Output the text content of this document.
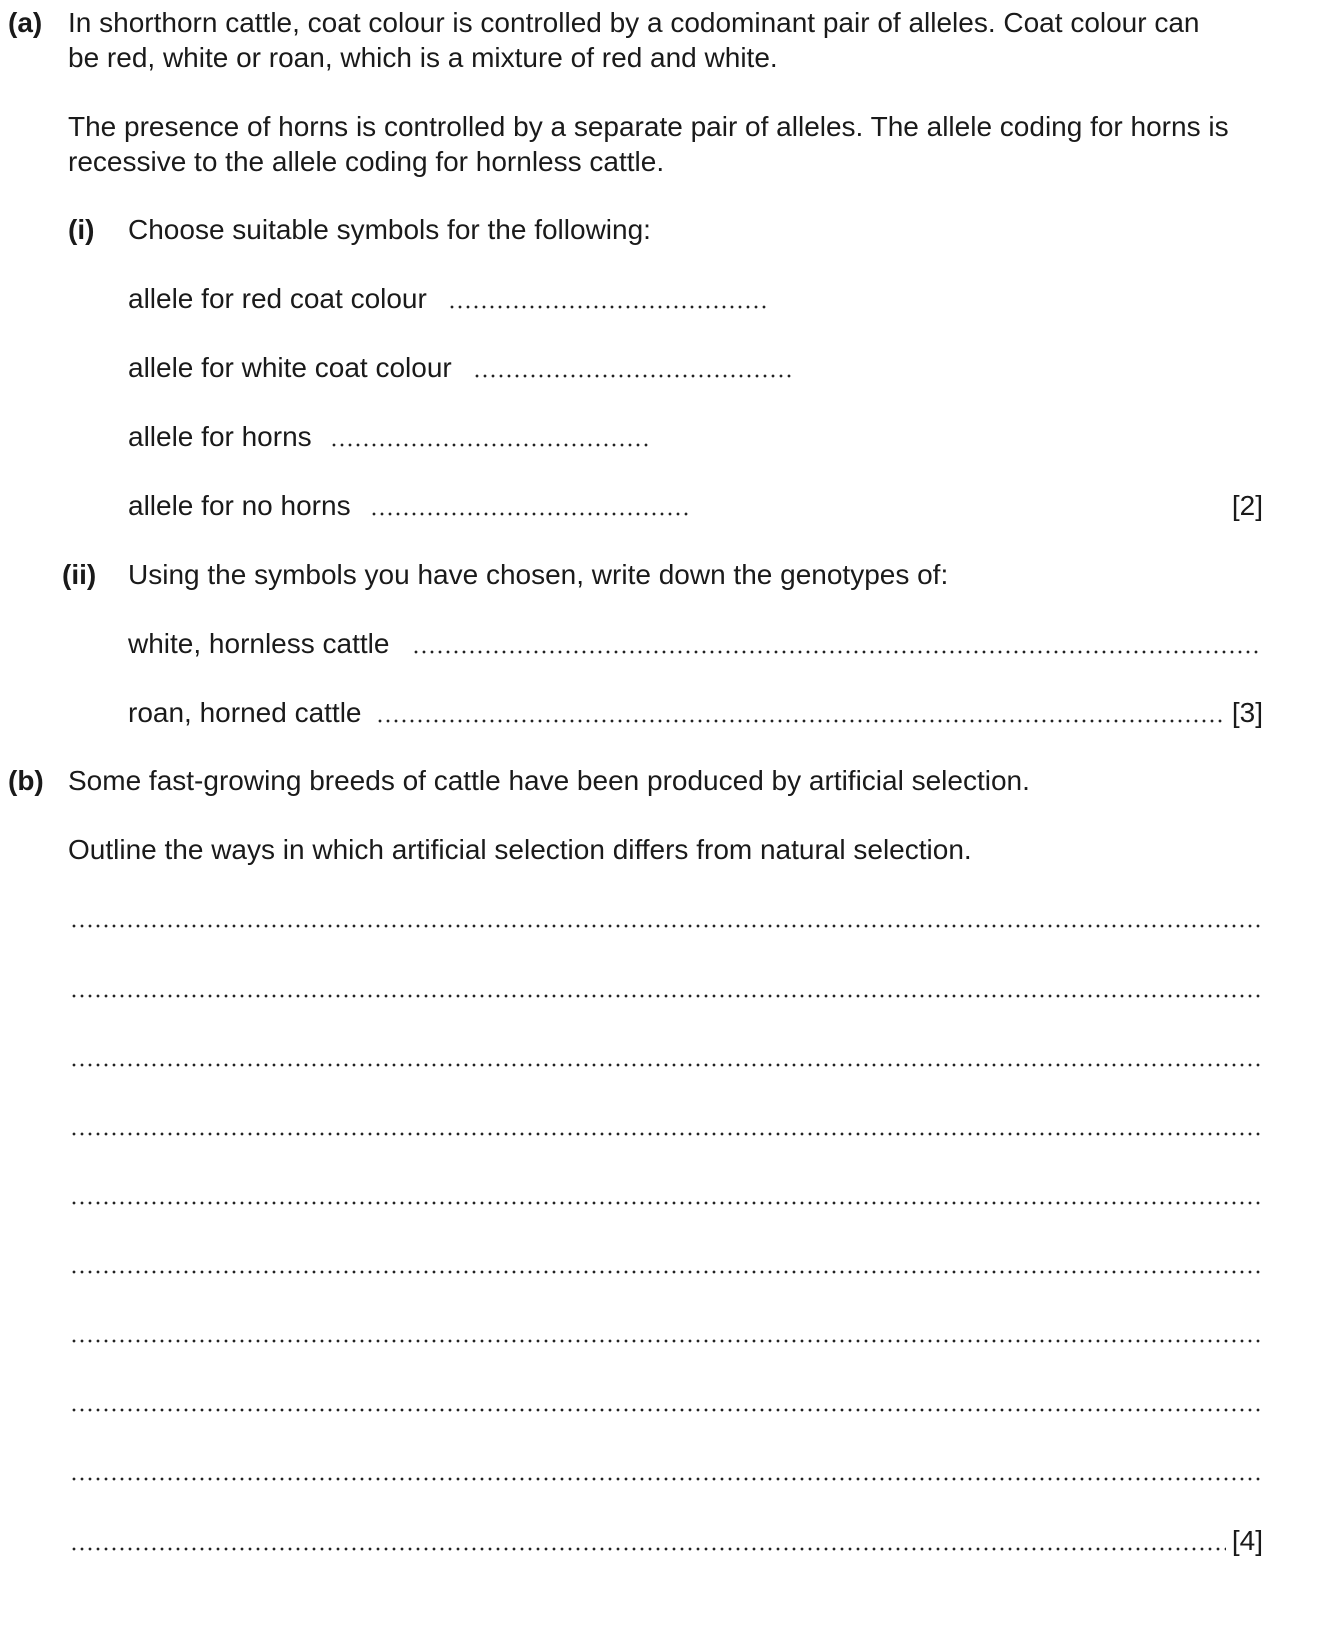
(a) In shorthorn cattle, coat colour is controlled by a codominant pair of alleles. Coat colour can
be red, white or roan, which is a mixture of red and white.
The presence of horns is controlled by a separate pair of alleles. The allele coding for horns is
recessive to the allele coding for hornless cattle.
(i) Choose suitable symbols for the following:
allele for red coat colour
allele for white coat colour
allele for horns
allele for no horns	[2]
(ii) Using the symbols you have chosen, write down the genotypes of:
white, hornless cattle
roan, horned cattle	[3]
(b) Some fast-growing breeds of cattle have been produced by artificial selection.
Outline the ways in which artificial selection differs from natural selection.
[4]
